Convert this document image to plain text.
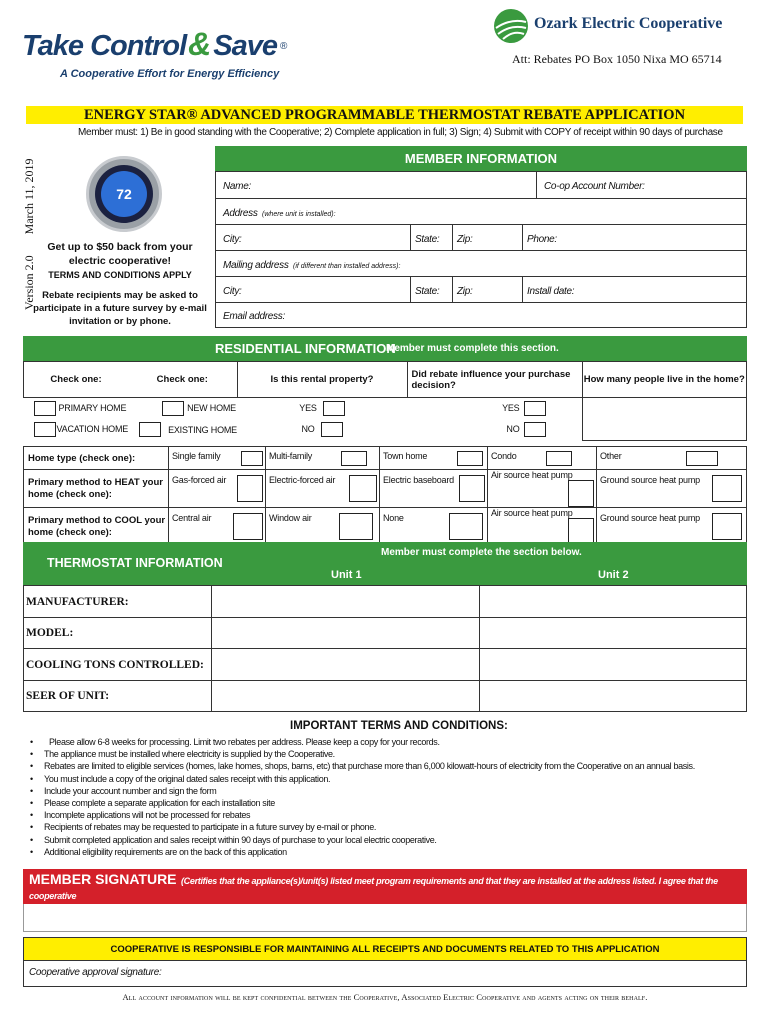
Take Control&Save ®
A Cooperative Effort for Energy Efficiency
Ozark Electric Cooperative
Att: Rebates PO Box 1050 Nixa MO 65714
ENERGY STAR® ADVANCED PROGRAMMABLE THERMOSTAT REBATE APPLICATION
Member must: 1) Be in good standing with the Cooperative; 2) Complete application in full; 3) Sign; 4) Submit with COPY of receipt within 90 days of purchase
Version 2.0       March 11, 2019	72
Get up to $50 back from your
electric cooperative!
TERMS AND CONDITIONS APPLY
Rebate recipients may be asked to participate in a future survey by e-mail invitation or by phone.
MEMBER INFORMATION
Name:				Co-op Account Number:
Address (where unit is installed):				
City:	State:	Zip:	Phone:	
Mailing address (if different than installed address):				
City:	State:	Zip:	Install date:	
Email address:				
RESIDENTIAL INFORMATION
Member must complete this section.
Check one:	Check one:	Is this rental property?	Did rebate influence your purchase decision?	How many people live in the home?
PRIMARY HOME	NEW HOME	YES	YES	
VACATION HOME	EXISTING HOME	NO	NO	
Home type (check one):	Single family	Multi-family	Town home	Condo	Other

Primary method to HEAT your home (check one):	Gas-forced air	Electric-forced air	Electric baseboard	Air source heat pump	Ground source heat pump

Primary method to COOL your home (check one):	Central air	Window air	None	Air source heat pump	Ground source heat pump
THERMOSTAT INFORMATION
Member must complete the section below.
Unit 1	Unit 2
MANUFACTURER:		
MODEL:		
COOLING TONS CONTROLLED:		
SEER OF UNIT:		
IMPORTANT TERMS AND CONDITIONS:
• Please allow 6-8 weeks for processing. Limit two rebates per address. Please keep a copy for your records.
• The appliance must be installed where electricity is supplied by the Cooperative.
• Rebates are limited to eligible services (homes, lake homes, shops, barns, etc) that purchase more than 6,000 kilowatt-hours of electricity from the Cooperative on an annual basis.
• You must include a copy of the original dated sales receipt with this application.
• Include your account number and sign the form
• Please complete a separate application for each installation site
• Incomplete applications will not be processed for rebates
• Recipients of rebates may be requested to participate in a future survey by e-mail or phone.
• Submit completed application and sales receipt within 90 days of purchase to your local electric cooperative.
• Additional eligibility requirements are on the back of this application
MEMBER SIGNATURE (Certifies that the appliance(s)/unit(s) listed meet program requirements and that they are installed at the address listed. I agree that the cooperative
may verify installation at the address listed.)
COOPERATIVE IS RESPONSIBLE FOR MAINTAINING ALL RECEIPTS AND DOCUMENTS RELATED TO THIS APPLICATION
Cooperative approval signature:
All account information will be kept confidential between the Cooperative, Associated Electric Cooperative and agents acting on their behalf.
